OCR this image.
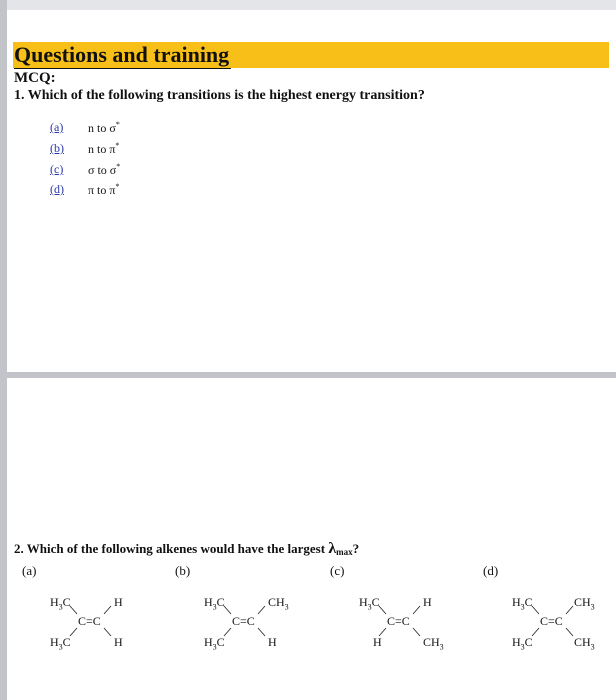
Questions and training
MCQ:
1. Which of the following transitions is the highest energy transition?
(a) n to σ*
(b) n to π*
(c) σ to σ*
(d) π to π*
2. Which of the following alkenes would have the largest $\lambda_{max}$?
(a)	(b)	(c)	(d)
$H_3C$	H
C=C
$H_3C$	H
$H_3C$	$CH_3$
C=C
$H_3C$	H
$H_3C$	H
C=C
H	$CH_3$
$H_3C$	$CH_3$
C=C
$H_3C$	$CH_3$
